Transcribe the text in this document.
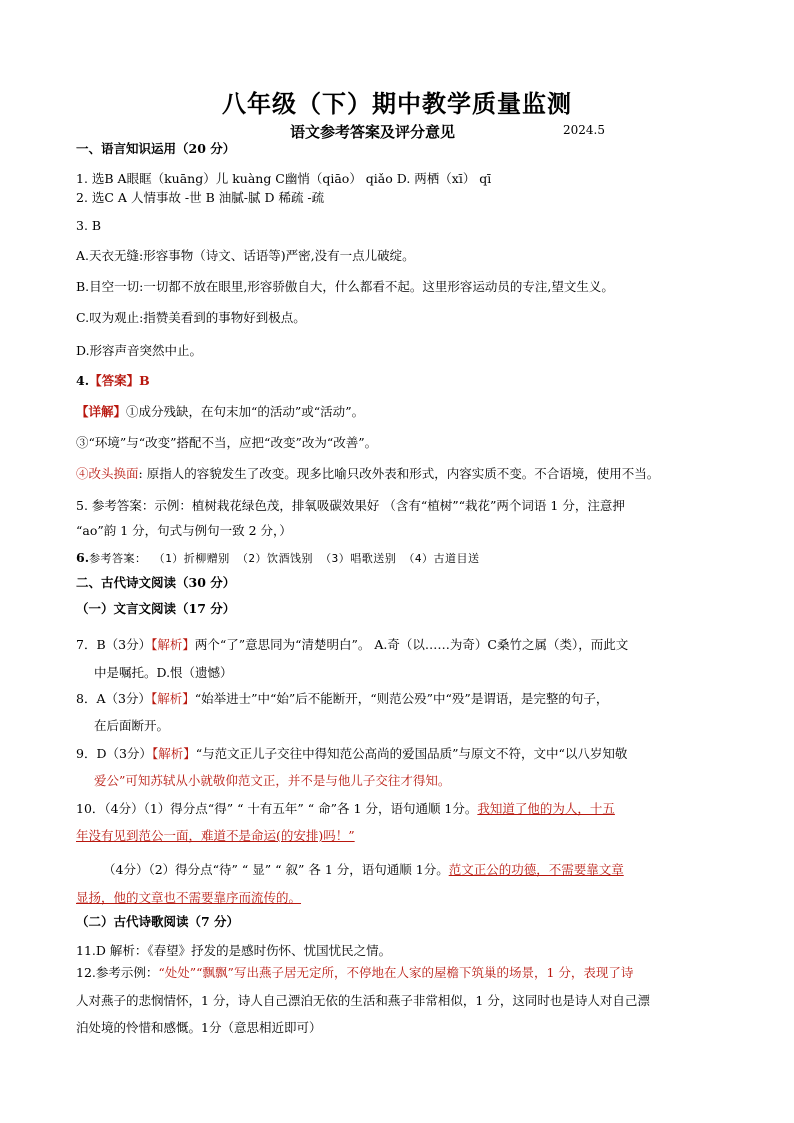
八年级（下）期中教学质量监测
语文参考答案及评分意见	2024.5
一、语言知识运用（20 分）
1. 选B A眼眶（kuāng）儿 kuàng C幽悄（qiāo） qiǎo D. 两栖（xī） qī
2. 选C A 人情事故 -世 B 油膩-腻 D 稀疏 -疏
3. B
A.天衣无缝:形容事物（诗文、话语等)严密,没有一点儿破绽。
B.目空一切:一切都不放在眼里,形容骄傲自大，什么都看不起。这里形容运动员的专注,望文生义。
C.叹为观止:指赞美看到的事物好到极点。
D.形容声音突然中止。
4.【答案】B
【详解】①成分残缺，在句末加“的活动”或“活动”。
③“环境”与“改变”搭配不当，应把“改变”改为“改善”。
④改头换面: 原指人的容貌发生了改变。现多比喻只改外表和形式，内容实质不变。不合语境，使用不当。
5. 参考答案：示例：植树栽花绿色茂，排氧吸碳效果好 （含有“植树”“栽花”两个词语 1 分，注意押
“ao”韵 1 分，句式与例句一致 2 分，）
6.参考答案： （1）折柳赠别 （2）饮酒饯别 （3）唱歌送别 （4）古道目送
二、古代诗文阅读（30 分）
（一）文言文阅读（17 分）
7．B（3分）【解析】两个“了”意思同为“清楚明白”。 A.奇（以……为奇）C桑竹之属（类），而此文
中是嘱托。D.恨（遗憾）
8．A（3分）【解析】“始举进士”中“始”后不能断开，“则范公殁”中“殁”是谓语，是完整的句子，
在后面断开。
9．D（3分）【解析】“与范文正儿子交往中得知范公高尚的爱国品质”与原文不符，文中“以八岁知敬
爱公”可知苏轼从小就敬仰范文正，并不是与他儿子交往才得知。
10．（4分）（1）得分点“得” “ 十有五年” “ 命”各 1 分，语句通顺 1分。我知道了他的为人，十五
年没有见到范公一面，难道不是命运(的安排)吗！”
（4分）（2）得分点“待” “ 显” “ 叙” 各 1 分，语句通顺 1分。范文正公的功德，不需要靠文章
显扬，他的文章也不需要靠序而流传的。
（二）古代诗歌阅读（7 分）
11.D 解析：《春望》抒发的是感时伤怀、忧国忧民之情。
12.参考示例：“处处”“飘飘”写出燕子居无定所，不停地在人家的屋檐下筑巢的场景，1 分，表现了诗
人对燕子的悲悯情怀，1 分，诗人自己漂泊无依的生活和燕子非常相似，1 分，这同时也是诗人对自己漂
泊处境的怜惜和感慨。1分（意思相近即可）
